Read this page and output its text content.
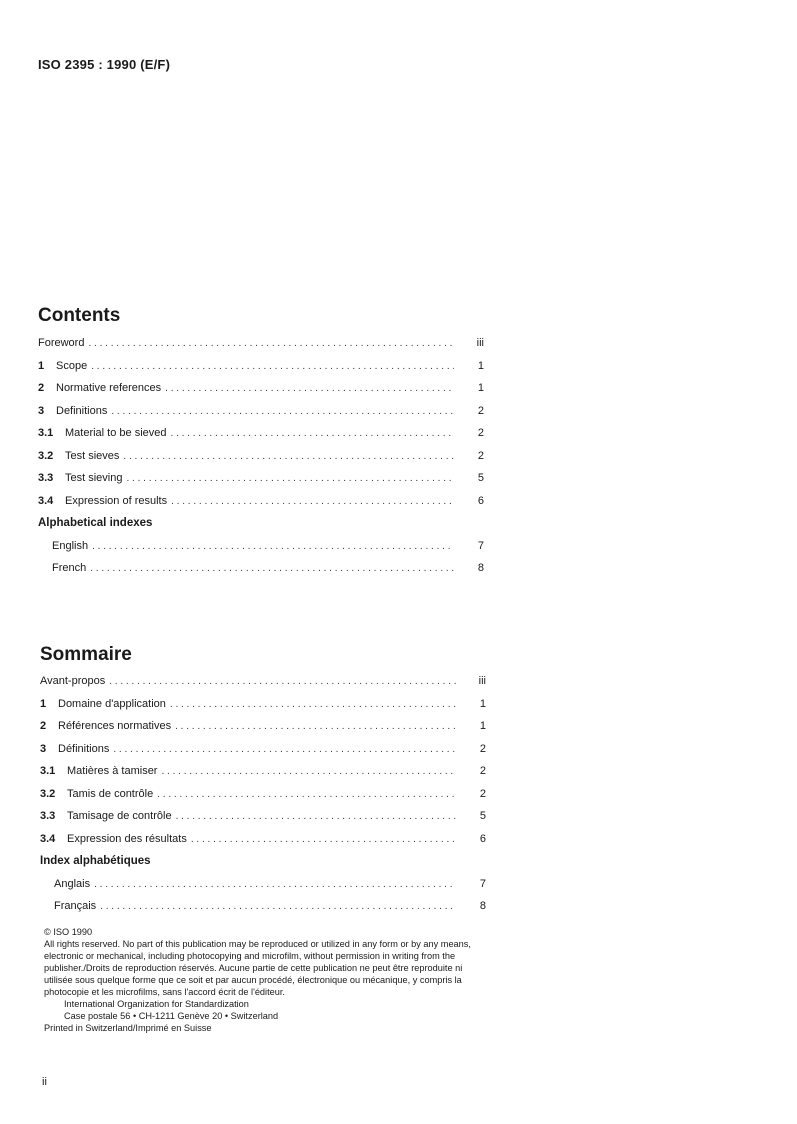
ISO 2395 : 1990 (E/F)
Contents
Foreword . . .	iii
1	Scope . . .	1
2	Normative references . . .	1
3	Definitions . . .	2
3.1	Material to be sieved . . .	2
3.2	Test sieves . . .	2
3.3	Test sieving . . .	5
3.4	Expression of results . . .	6
Alphabetical indexes
English . . .	7
French . . .	8
Sommaire
Avant-propos . . .	iii
1	Domaine d'application . . .	1
2	Références normatives . . .	1
3	Définitions . . .	2
3.1	Matières à tamiser . . .	2
3.2	Tamis de contrôle . . .	2
3.3	Tamisage de contrôle . . .	5
3.4	Expression des résultats . . .	6
Index alphabétiques
Anglais . . .	7
Français . . .	8
© ISO 1990
All rights reserved. No part of this publication may be reproduced or utilized in any form or by any means, electronic or mechanical, including photocopying and microfilm, without permission in writing from the publisher./Droits de reproduction réservés. Aucune partie de cette publication ne peut être reproduite ni utilisée sous quelque forme que ce soit et par aucun procédé, électronique ou mécanique, y compris la photocopie et les microfilms, sans l'accord écrit de l'éditeur.
International Organization for Standardization
Case postale 56 • CH-1211 Genève 20 • Switzerland
Printed in Switzerland/Imprimé en Suisse
ii
